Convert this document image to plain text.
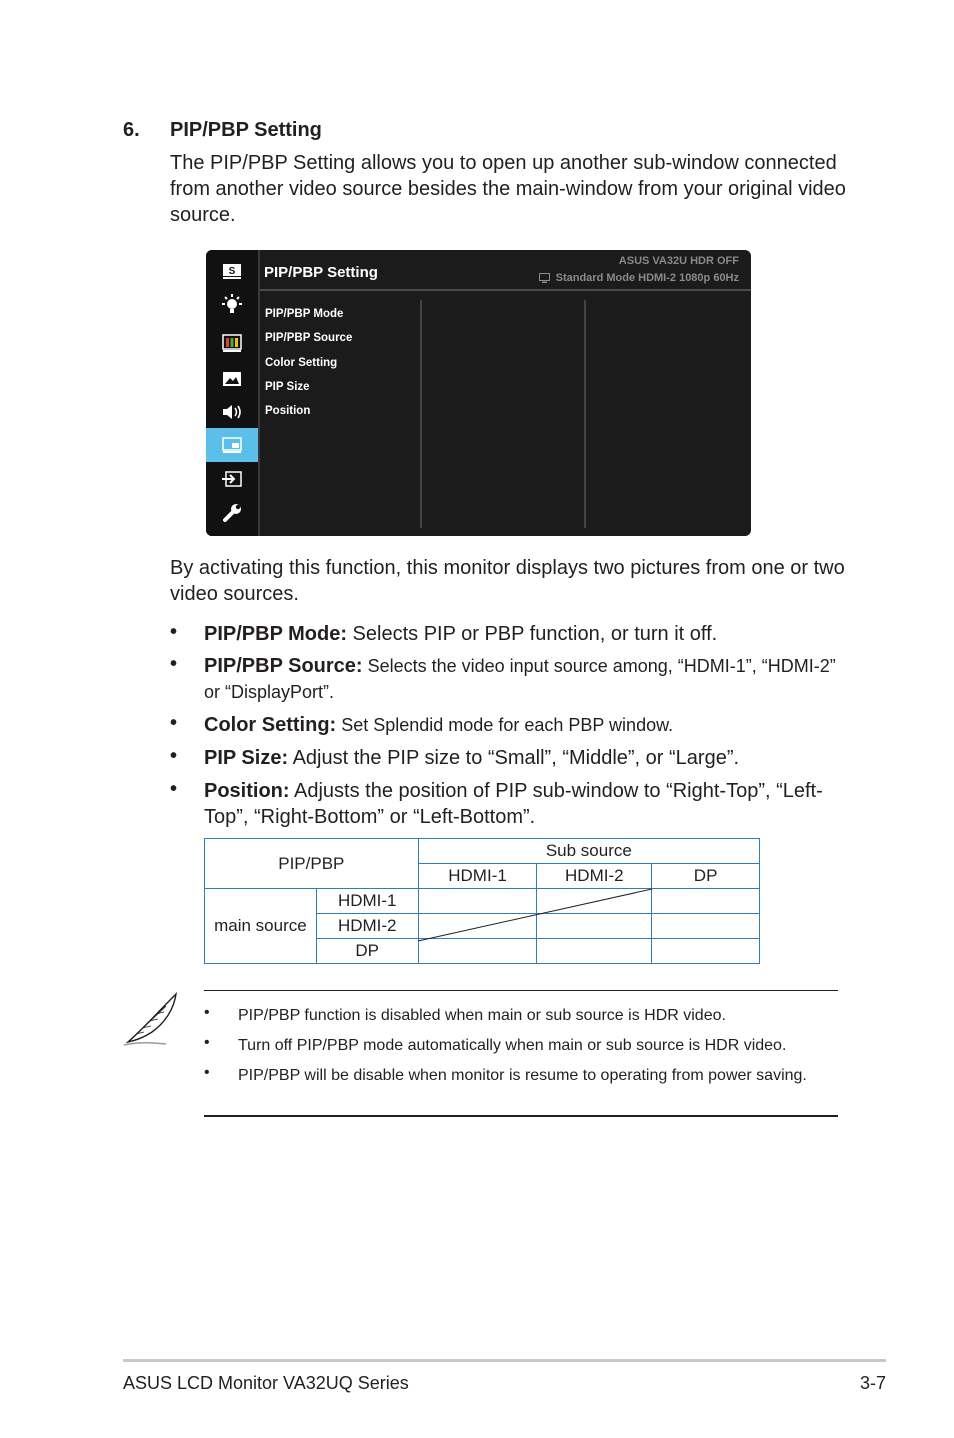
6. PIP/PBP Setting
The PIP/PBP Setting allows you to open up another sub-window connected from another video source besides the main-window from your original video source.
S PIP/PBP Setting
ASUS VA32U HDR OFF
Standard Mode HDMI-2 1080p 60Hz
PIP/PBP Mode
PIP/PBP Source
Color Setting
PIP Size
Position
By activating this function, this monitor displays two pictures from one or two video sources.
• PIP/PBP Mode: Selects PIP or PBP function, or turn it off.
• PIP/PBP Source: Selects the video input source among, “HDMI-1”, “HDMI-2” or “DisplayPort”.
• Color Setting: Set Splendid mode for each PBP window.
• PIP Size: Adjust the PIP size to “Small”, “Middle”, or “Large”.
• Position: Adjusts the position of PIP sub-window to “Right-Top”, “Left-Top”, “Right-Bottom” or “Left-Bottom”.
PIP/PBP		Sub source		
		HDMI-1	HDMI-2	DP
main source	HDMI-1			
	HDMI-2			
	DP			
• PIP/PBP function is disabled when main or sub source is HDR video.
• Turn off PIP/PBP mode automatically when main or sub source is HDR video.
• PIP/PBP will be disable when monitor is resume to operating from power saving.
ASUS LCD Monitor VA32UQ Series	3-7
